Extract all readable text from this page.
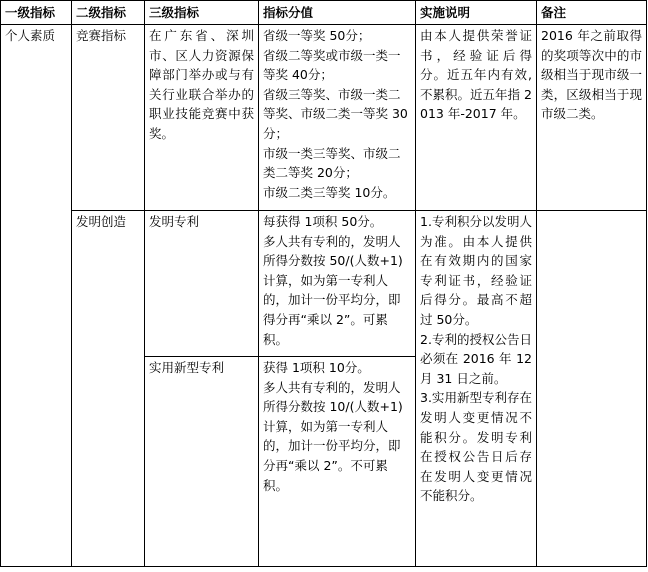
一级指标	二级指标	三级指标	指标分值	实施说明	备注
个人素质	竞赛指标	在广东省、深圳市、区人力资源保障部门举办或与有关行业联合举办的职业技能竞赛中获奖。	省级一等奖 50分；
省级二等奖或市级一类一等奖 40分；
省级三等奖、市级一类二等奖、市级二类一等奖 30分；
市级一类三等奖、市级二类二等奖 20分；
市级二类三等奖 10分。	由本人提供荣誉证书，经验证后得分。近五年内有效,不累积。近五年指 2013 年-2017 年。	2016 年之前取得的奖项等次中的市级相当于现市级一类，区级相当于现市级二类。
	发明创造	发明专利	每获得 1项积 50分。
多人共有专利的，发明人所得分数按 50/(人数+1)计算，如为第一专利人的，加计一份平均分，即得分再“乘以 2”。可累积。	1.专利积分以发明人为准。由本人提供在有效期内的国家专利证书，经验证后得分。最高不超过 50分。
2.专利的授权公告日必须在 2016 年 12 月 31 日之前。
3.实用新型专利存在发明人变更情况不能积分。发明专利在授权公告日后存在发明人变更情况不能积分。	
		实用新型专利	获得 1项积 10分。
多人共有专利的，发明人所得分数按 10/(人数+1)计算，如为第一专利人的，加计一份平均分，即分再“乘以 2”。不可累积。		
